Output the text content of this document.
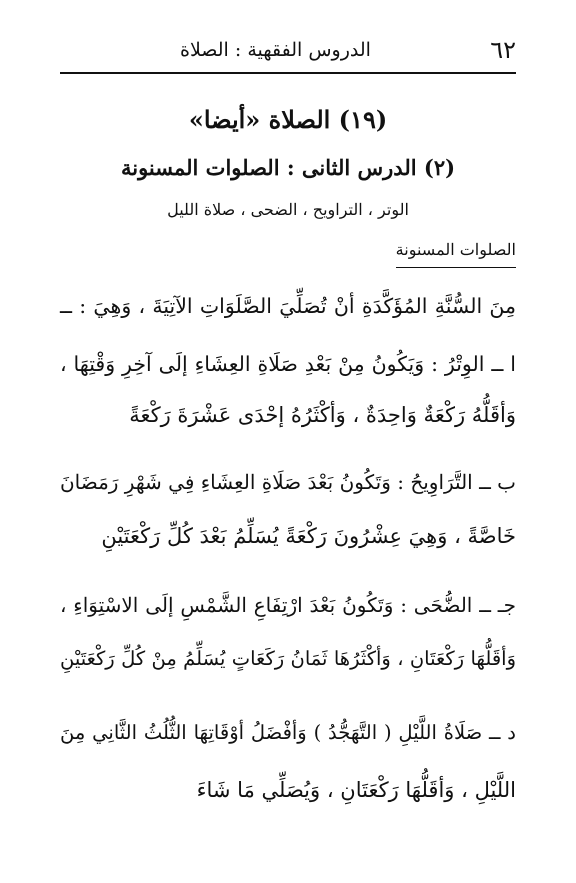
٦٢
الدروس الفقهية : الصلاة
(١٩) الصلاة «أيضا»
(٢) الدرس الثانى : الصلوات المسنونة
الوتر ، التراويح ، الضحى ، صلاة الليل
الصلوات المسنونة
مِنَ السُّنَّةِ المُؤَكَّدَةِ أنْ تُصَلِّيَ الصَّلَوَاتِ الآتِيَةَ ، وَهِيَ : ــ
ا ــ الوِتْرُ : وَيَكُونُ مِنْ بَعْدِ صَلَاةِ العِشَاءِ إلَى آخِرِ وَقْتِهَا ،
وَأقَلُّهُ رَكْعَةٌ وَاحِدَةٌ ، وَأكْثَرُهُ إحْدَى عَشْرَةَ رَكْعَةً
ب ــ التَّرَاوِيحُ : وَتَكُونُ بَعْدَ صَلَاةِ العِشَاءِ فِي شَهْرِ رَمَضَانَ
خَاصَّةً ، وَهِيَ عِشْرُونَ رَكْعَةً يُسَلِّمُ بَعْدَ كُلِّ رَكْعَتَيْنِ
جـ ــ الضُّحَى : وَتَكُونُ بَعْدَ ارْتِفَاعِ الشَّمْسِ إلَى الاسْتِوَاءِ ،
وَأقَلُّهَا رَكْعَتَانِ ، وَأكْثَرُهَا ثَمَانُ رَكَعَاتٍ يُسَلِّمُ مِنْ كُلِّ رَكْعَتَيْنِ
د ــ صَلَاةُ اللَّيْلِ ( التَّهَجُّدُ ) وَأفْضَلُ أوْقَاتِهَا الثُّلُثُ الثَّانِي مِنَ
اللَّيْلِ ، وَأقَلُّهَا رَكْعَتَانِ ، وَيُصَلِّي مَا شَاءَ
